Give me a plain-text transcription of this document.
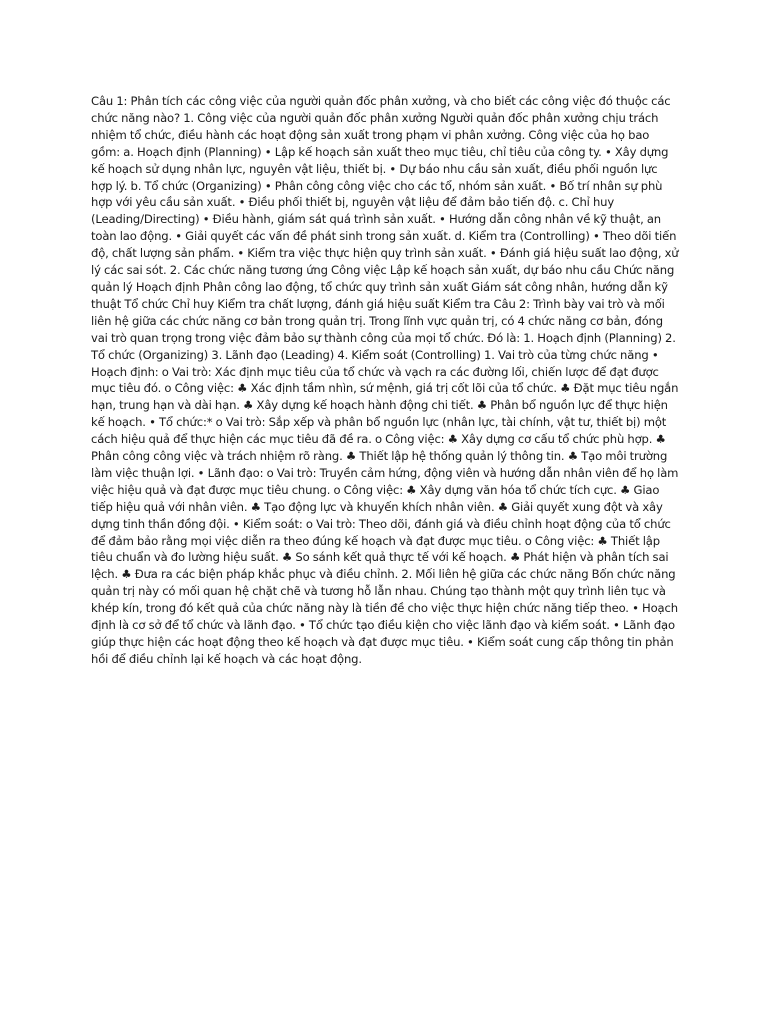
Câu 1: Phân tích các công việc của người quản đốc phân xưởng, và cho biết các công việc đó thuộc các chức năng nào? 1. Công việc của người quản đốc phân xưởng Người quản đốc phân xưởng chịu trách nhiệm tổ chức, điều hành các hoạt động sản xuất trong phạm vi phân xưởng. Công việc của họ bao gồm: a. Hoạch định (Planning) • Lập kế hoạch sản xuất theo mục tiêu, chỉ tiêu của công ty. • Xây dựng kế hoạch sử dụng nhân lực, nguyên vật liệu, thiết bị. • Dự báo nhu cầu sản xuất, điều phối nguồn lực hợp lý. b. Tổ chức (Organizing) • Phân công công việc cho các tổ, nhóm sản xuất. • Bố trí nhân sự phù hợp với yêu cầu sản xuất. • Điều phối thiết bị, nguyên vật liệu để đảm bảo tiến độ. c. Chỉ huy (Leading/Directing) • Điều hành, giám sát quá trình sản xuất. • Hướng dẫn công nhân về kỹ thuật, an toàn lao động. • Giải quyết các vấn đề phát sinh trong sản xuất. d. Kiểm tra (Controlling) • Theo dõi tiến độ, chất lượng sản phẩm. • Kiểm tra việc thực hiện quy trình sản xuất. • Đánh giá hiệu suất lao động, xử lý các sai sót. 2. Các chức năng tương ứng Công việc Lập kế hoạch sản xuất, dự báo nhu cầu Chức năng quản lý Hoạch định Phân công lao động, tổ chức quy trình sản xuất Giám sát công nhân, hướng dẫn kỹ thuật Tổ chức Chỉ huy Kiểm tra chất lượng, đánh giá hiệu suất Kiểm tra Câu 2: Trình bày vai trò và mối liên hệ giữa các chức năng cơ bản trong quản trị. Trong lĩnh vực quản trị, có 4 chức năng cơ bản, đóng vai trò quan trọng trong việc đảm bảo sự thành công của mọi tổ chức. Đó là: 1. Hoạch định (Planning) 2. Tổ chức (Organizing) 3. Lãnh đạo (Leading) 4. Kiểm soát (Controlling) 1. Vai trò của từng chức năng • Hoạch định: o Vai trò: Xác định mục tiêu của tổ chức và vạch ra các đường lối, chiến lược để đạt được mục tiêu đó. o Công việc: ♣ Xác định tầm nhìn, sứ mệnh, giá trị cốt lõi của tổ chức. ♣ Đặt mục tiêu ngắn hạn, trung hạn và dài hạn. ♣ Xây dựng kế hoạch hành động chi tiết. ♣ Phân bổ nguồn lực để thực hiện kế hoạch. • Tổ chức:* o Vai trò: Sắp xếp và phân bổ nguồn lực (nhân lực, tài chính, vật tư, thiết bị) một cách hiệu quả để thực hiện các mục tiêu đã đề ra. o Công việc: ♣ Xây dựng cơ cấu tổ chức phù hợp. ♣ Phân công công việc và trách nhiệm rõ ràng. ♣ Thiết lập hệ thống quản lý thông tin. ♣ Tạo môi trường làm việc thuận lợi. • Lãnh đạo: o Vai trò: Truyền cảm hứng, động viên và hướng dẫn nhân viên để họ làm việc hiệu quả và đạt được mục tiêu chung. o Công việc: ♣ Xây dựng văn hóa tổ chức tích cực. ♣ Giao tiếp hiệu quả với nhân viên. ♣ Tạo động lực và khuyến khích nhân viên. ♣ Giải quyết xung đột và xây dựng tinh thần đồng đội. • Kiểm soát: o Vai trò: Theo dõi, đánh giá và điều chỉnh hoạt động của tổ chức để đảm bảo rằng mọi việc diễn ra theo đúng kế hoạch và đạt được mục tiêu. o Công việc: ♣ Thiết lập tiêu chuẩn và đo lường hiệu suất. ♣ So sánh kết quả thực tế với kế hoạch. ♣ Phát hiện và phân tích sai lệch. ♣ Đưa ra các biện pháp khắc phục và điều chỉnh. 2. Mối liên hệ giữa các chức năng Bốn chức năng quản trị này có mối quan hệ chặt chẽ và tương hỗ lẫn nhau. Chúng tạo thành một quy trình liên tục và khép kín, trong đó kết quả của chức năng này là tiền đề cho việc thực hiện chức năng tiếp theo. • Hoạch định là cơ sở để tổ chức và lãnh đạo. • Tổ chức tạo điều kiện cho việc lãnh đạo và kiểm soát. • Lãnh đạo giúp thực hiện các hoạt động theo kế hoạch và đạt được mục tiêu. • Kiểm soát cung cấp thông tin phản hồi để điều chỉnh lại kế hoạch và các hoạt động.
